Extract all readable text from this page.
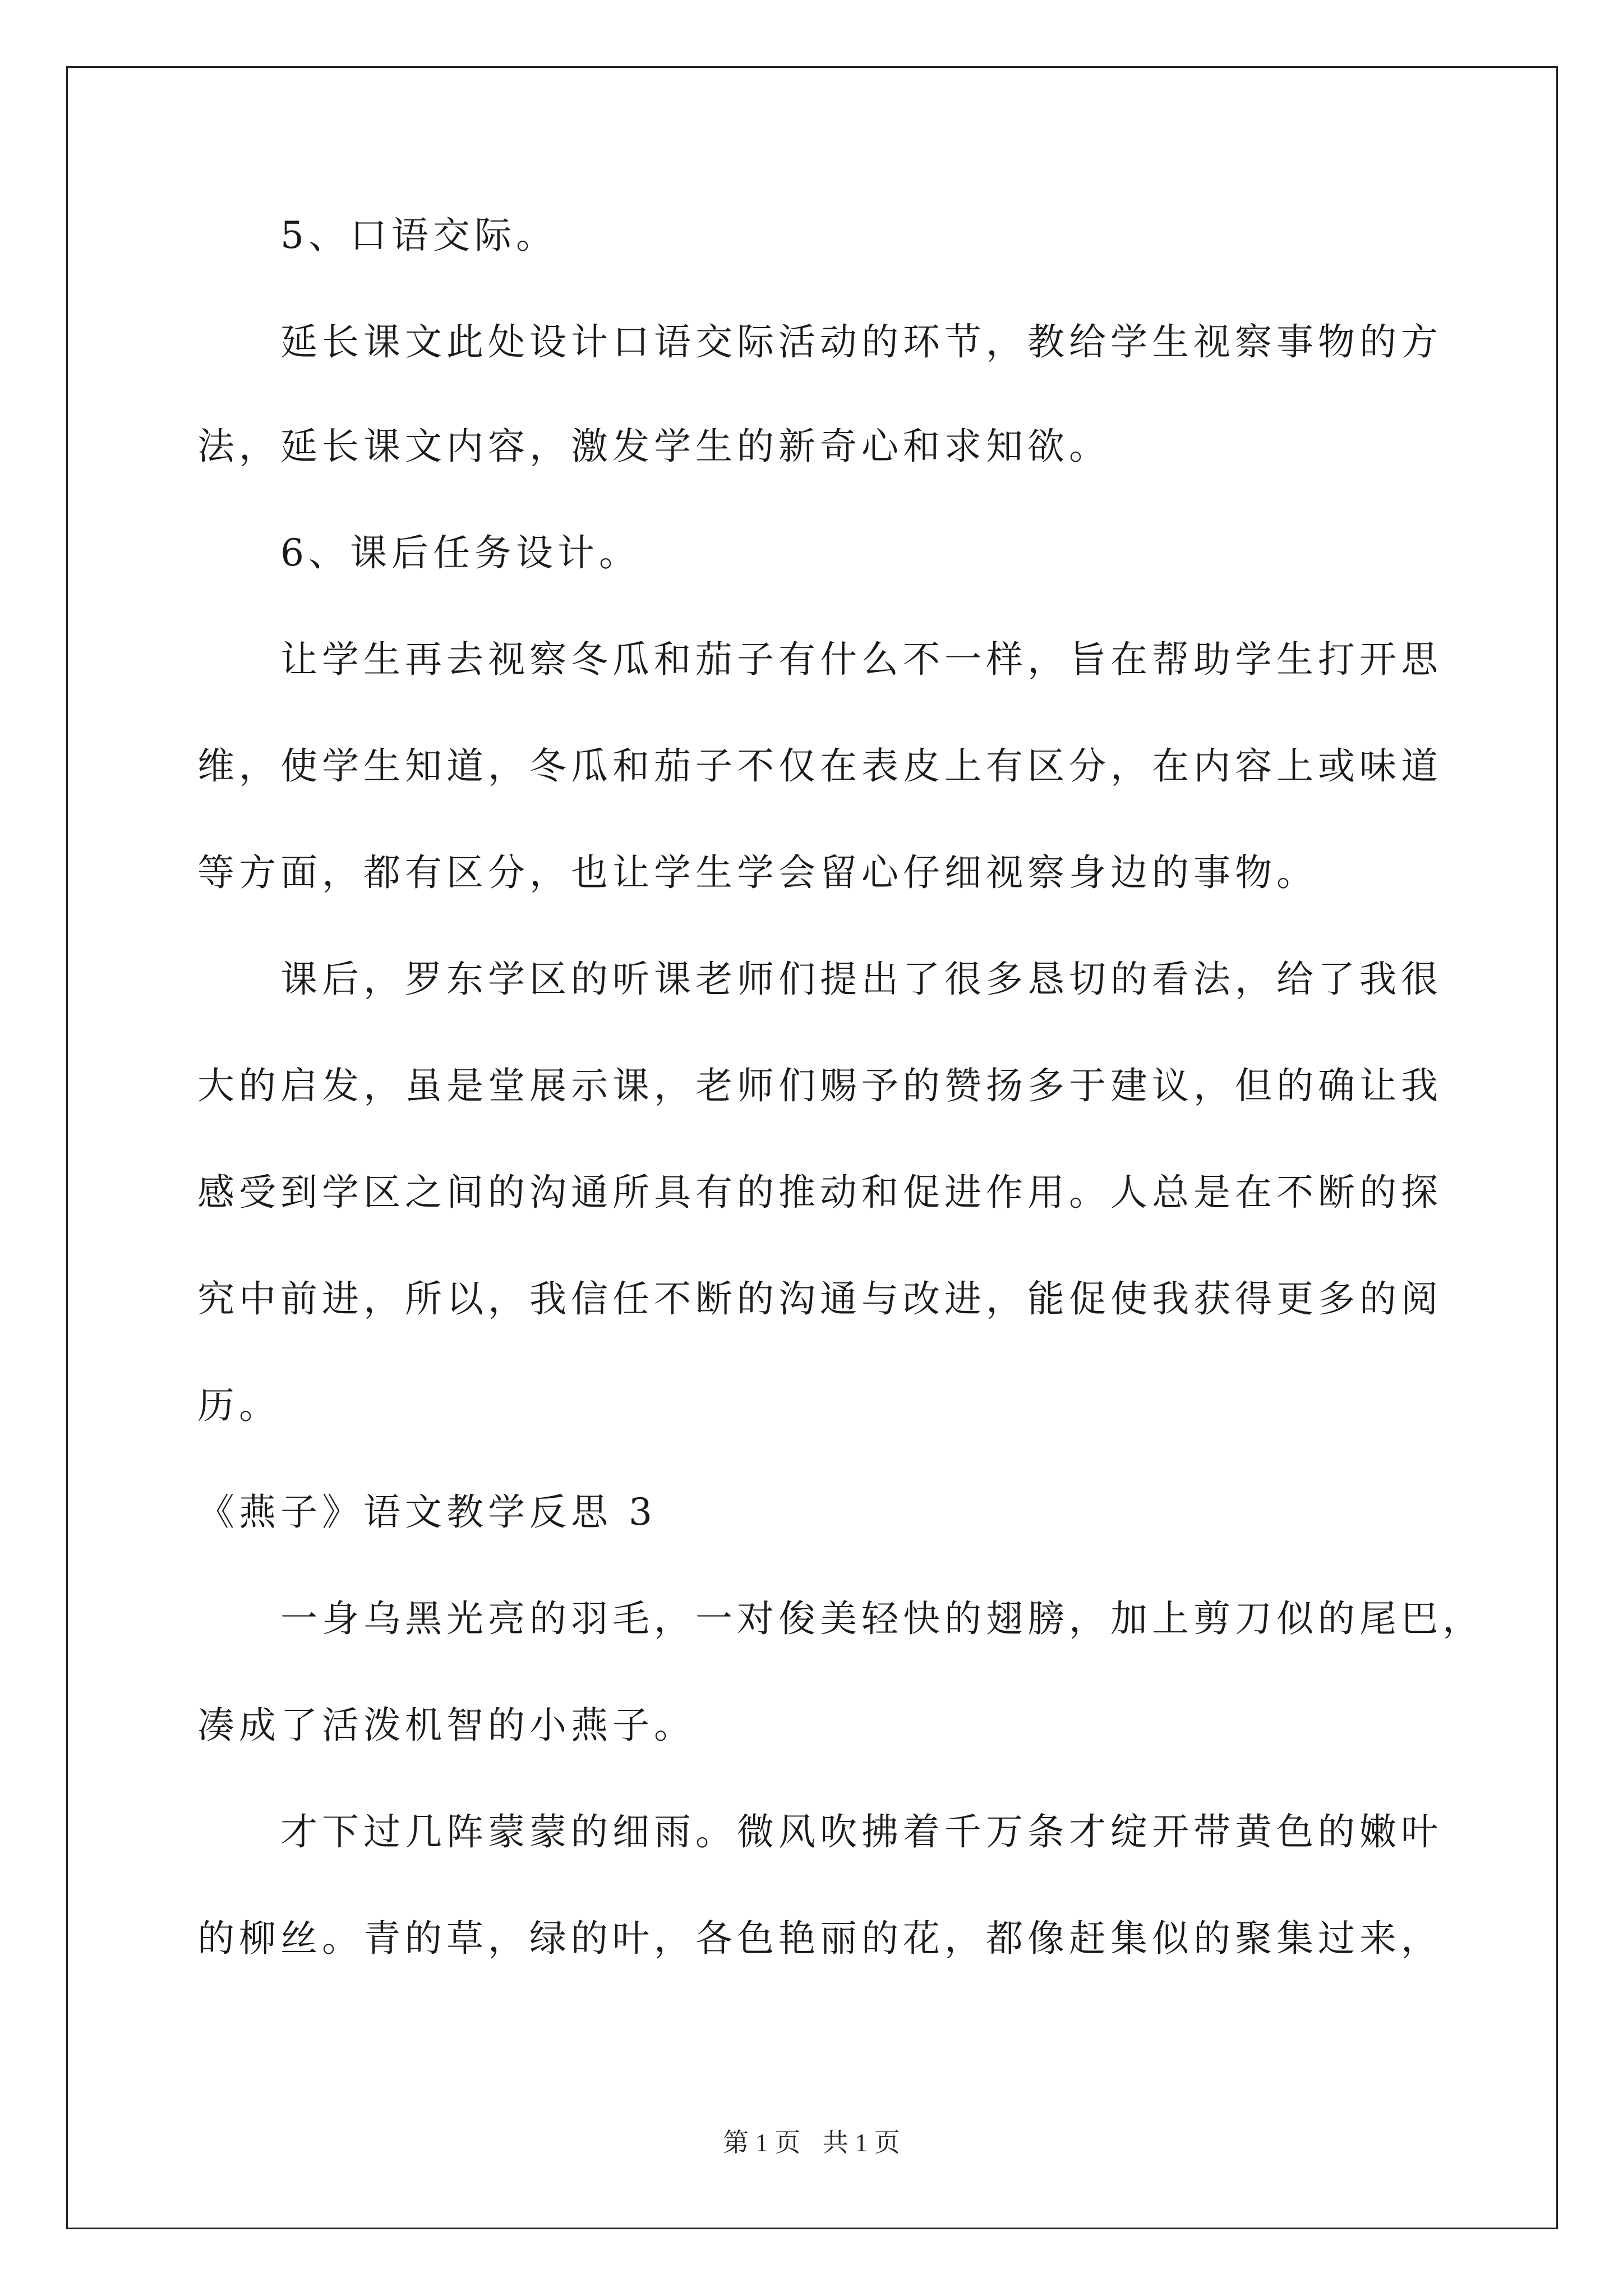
5、口语交际。
延长课文此处设计口语交际活动的环节，教给学生视察事物的方
法，延长课文内容，激发学生的新奇心和求知欲。
6、课后任务设计。
让学生再去视察冬瓜和茄子有什么不一样，旨在帮助学生打开思
维，使学生知道，冬瓜和茄子不仅在表皮上有区分，在内容上或味道
等方面，都有区分，也让学生学会留心仔细视察身边的事物。
课后，罗东学区的听课老师们提出了很多恳切的看法，给了我很
大的启发，虽是堂展示课，老师们赐予的赞扬多于建议，但的确让我
感受到学区之间的沟通所具有的推动和促进作用。人总是在不断的探
究中前进，所以，我信任不断的沟通与改进，能促使我获得更多的阅
历。
《燕子》语文教学反思 3
一身乌黑光亮的羽毛，一对俊美轻快的翅膀，加上剪刀似的尾巴，
凑成了活泼机智的小燕子。
才下过几阵蒙蒙的细雨。微风吹拂着千万条才绽开带黄色的嫩叶
的柳丝。青的草，绿的叶，各色艳丽的花，都像赶集似的聚集过来，
第 1 页 共 1 页
